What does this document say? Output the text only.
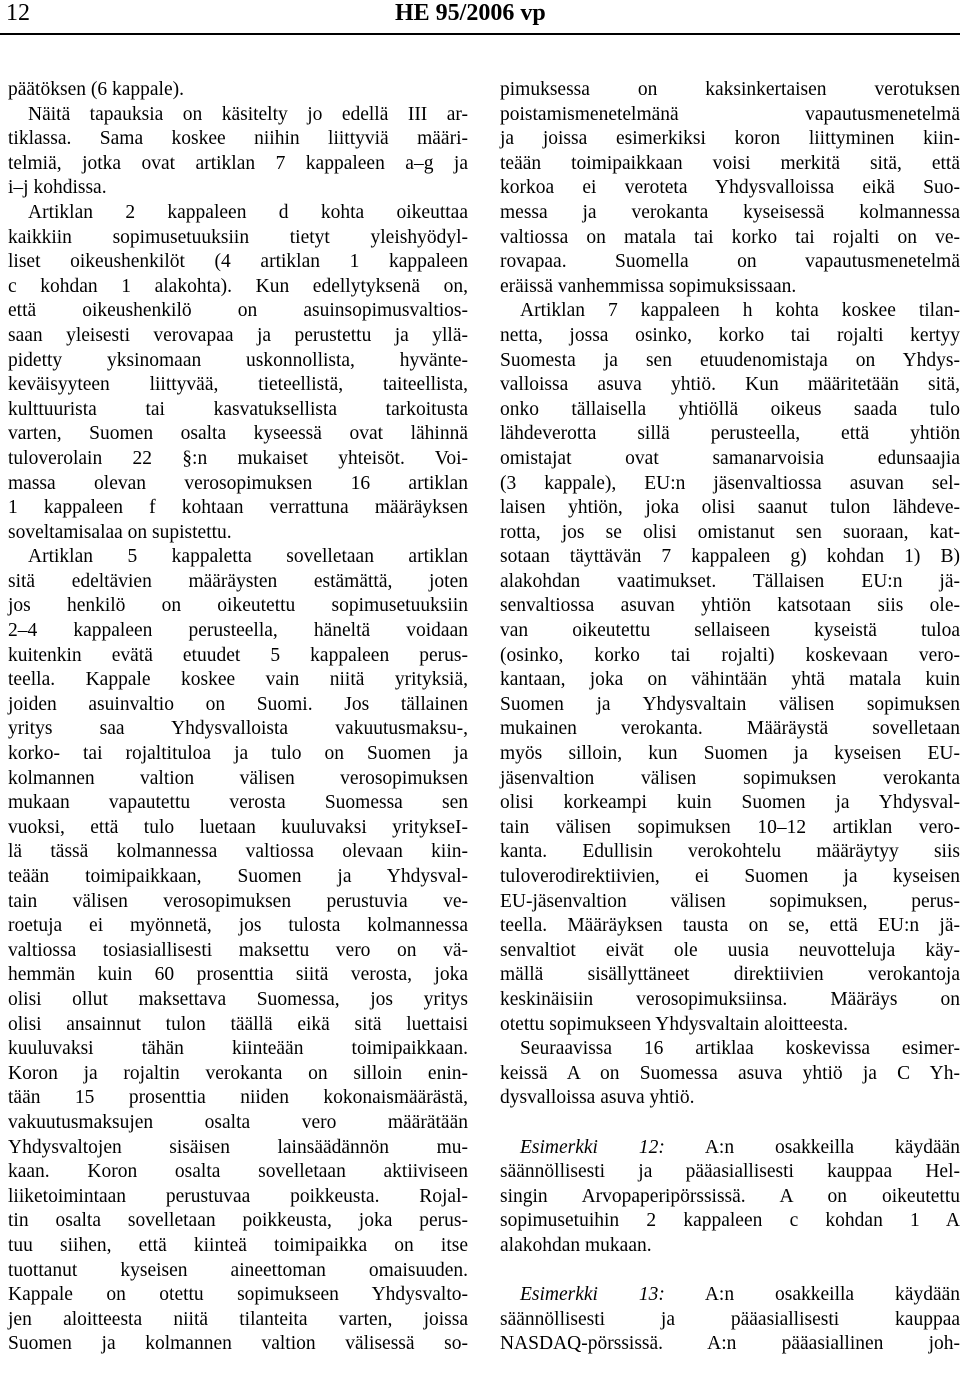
12	HE 95/2006 vp
päätöksen (6 kappale).
Näitä tapauksia on käsitelty jo edellä III ar-
tiklassa. Sama koskee niihin liittyviä määri-
telmiä, jotka ovat artiklan 7 kappaleen a–g ja
i–j kohdissa.
Artiklan 2 kappaleen d kohta oikeuttaa
kaikkiin sopimusetuuksiin tietyt yleishyödyl-
liset oikeushenkilöt (4 artiklan 1 kappaleen
c kohdan 1 alakohta). Kun edellytyksenä on,
että oikeushenkilö on asuinsopimusvaltios-
saan yleisesti verovapaa ja perustettu ja yllä-
pidetty yksinomaan uskonnollista, hyvänte-
keväisyyteen liittyvää, tieteellistä, taiteellista,
kulttuurista tai kasvatuksellista tarkoitusta
varten, Suomen osalta kyseessä ovat lähinnä
tuloverolain 22 §:n mukaiset yhteisöt. Voi-
massa olevan verosopimuksen 16 artiklan
1 kappaleen f kohtaan verrattuna määräyksen
soveltamisalaa on supistettu.
Artiklan 5 kappaletta sovelletaan artiklan
sitä edeltävien määräysten estämättä, joten
jos henkilö on oikeutettu sopimusetuuksiin
2–4 kappaleen perusteella, häneltä voidaan
kuitenkin evätä etuudet 5 kappaleen perus-
teella. Kappale koskee vain niitä yrityksiä,
joiden asuinvaltio on Suomi. Jos tällainen
yritys saa Yhdysvalloista vakuutusmaksu-,
korko- tai rojaltituloa ja tulo on Suomen ja
kolmannen valtion välisen verosopimuksen
mukaan vapautettu verosta Suomessa sen
vuoksi, että tulo luetaan kuuluvaksi yritykseI-
lä tässä kolmannessa valtiossa olevaan kiin-
teään toimipaikkaan, Suomen ja Yhdysval-
tain välisen verosopimuksen perustuvia ve-
roetuja ei myönnetä, jos tulosta kolmannessa
valtiossa tosiasiallisesti maksettu vero on vä-
hemmän kuin 60 prosenttia siitä verosta, joka
olisi ollut maksettava Suomessa, jos yritys
olisi ansainnut tulon täällä eikä sitä luettaisi
kuuluvaksi tähän kiinteään toimipaikkaan.
Koron ja rojaltin verokanta on silloin enin-
tään 15 prosenttia niiden kokonaismäärästä,
vakuutusmaksujen osalta vero määrätään
Yhdysvaltojen sisäisen lainsäädännön mu-
kaan. Koron osalta sovelletaan aktiiviseen
liiketoimintaan perustuvaa poikkeusta. Rojal-
tin osalta sovelletaan poikkeusta, joka perus-
tuu siihen, että kiinteä toimipaikka on itse
tuottanut kyseisen aineettoman omaisuuden.
Kappale on otettu sopimukseen Yhdysvalto-
jen aloitteesta niitä tilanteita varten, joissa
Suomen ja kolmannen valtion välisessä so-
pimuksessa on kaksinkertaisen verotuksen
poistamismenetelmänä vapautusmenetelmä
ja joissa esimerkiksi koron liittyminen kiin-
teään toimipaikkaan voisi merkitä sitä, että
korkoa ei veroteta Yhdysvalloissa eikä Suo-
messa ja verokanta kyseisessä kolmannessa
valtiossa on matala tai korko tai rojalti on ve-
rovapaa. Suomella on vapautusmenetelmä
eräissä vanhemmissa sopimuksissaan.
Artiklan 7 kappaleen h kohta koskee tilan-
netta, jossa osinko, korko tai rojalti kertyy
Suomesta ja sen etuudenomistaja on Yhdys-
valloissa asuva yhtiö. Kun määritetään sitä,
onko tällaisella yhtiöllä oikeus saada tulo
lähdeverotta sillä perusteella, että yhtiön
omistajat ovat samanarvoisia edunsaajia
(3 kappale), EU:n jäsenvaltiossa asuvan sel-
laisen yhtiön, joka olisi saanut tulon lähdeve-
rotta, jos se olisi omistanut sen suoraan, kat-
sotaan täyttävän 7 kappaleen g) kohdan 1) B)
alakohdan vaatimukset. Tällaisen EU:n jä-
senvaltiossa asuvan yhtiön katsotaan siis ole-
van oikeutettu sellaiseen kyseistä tuloa
(osinko, korko tai rojalti) koskevaan vero-
kantaan, joka on vähintään yhtä matala kuin
Suomen ja Yhdysvaltain välisen sopimuksen
mukainen verokanta. Määräystä sovelletaan
myös silloin, kun Suomen ja kyseisen EU-
jäsenvaltion välisen sopimuksen verokanta
olisi korkeampi kuin Suomen ja Yhdysval-
tain välisen sopimuksen 10–12 artiklan vero-
kanta. Edullisin verokohtelu määräytyy siis
tuloverodirektiivien, ei Suomen ja kyseisen
EU-jäsenvaltion välisen sopimuksen, perus-
teella. Määräyksen tausta on se, että EU:n jä-
senvaltiot eivät ole uusia neuvotteluja käy-
mällä sisällyttäneet direktiivien verokantoja
keskinäisiin verosopimuksiinsa. Määräys on
otettu sopimukseen Yhdysvaltain aloitteesta.
Seuraavissa 16 artiklaa koskevissa esimer-
keissä A on Suomessa asuva yhtiö ja C Yh-
dysvalloissa asuva yhtiö.
Esimerkki 12: A:n osakkeilla käydään
säännöllisesti ja pääasiallisesti kauppaa Hel-
singin Arvopaperipörssissä. A on oikeutettu
sopimusetuihin 2 kappaleen c kohdan 1 A
alakohdan mukaan.
Esimerkki 13: A:n osakkeilla käydään
säännöllisesti ja pääasiallisesti kauppaa
NASDAQ-pörssissä. A:n pääasiallinen joh-
